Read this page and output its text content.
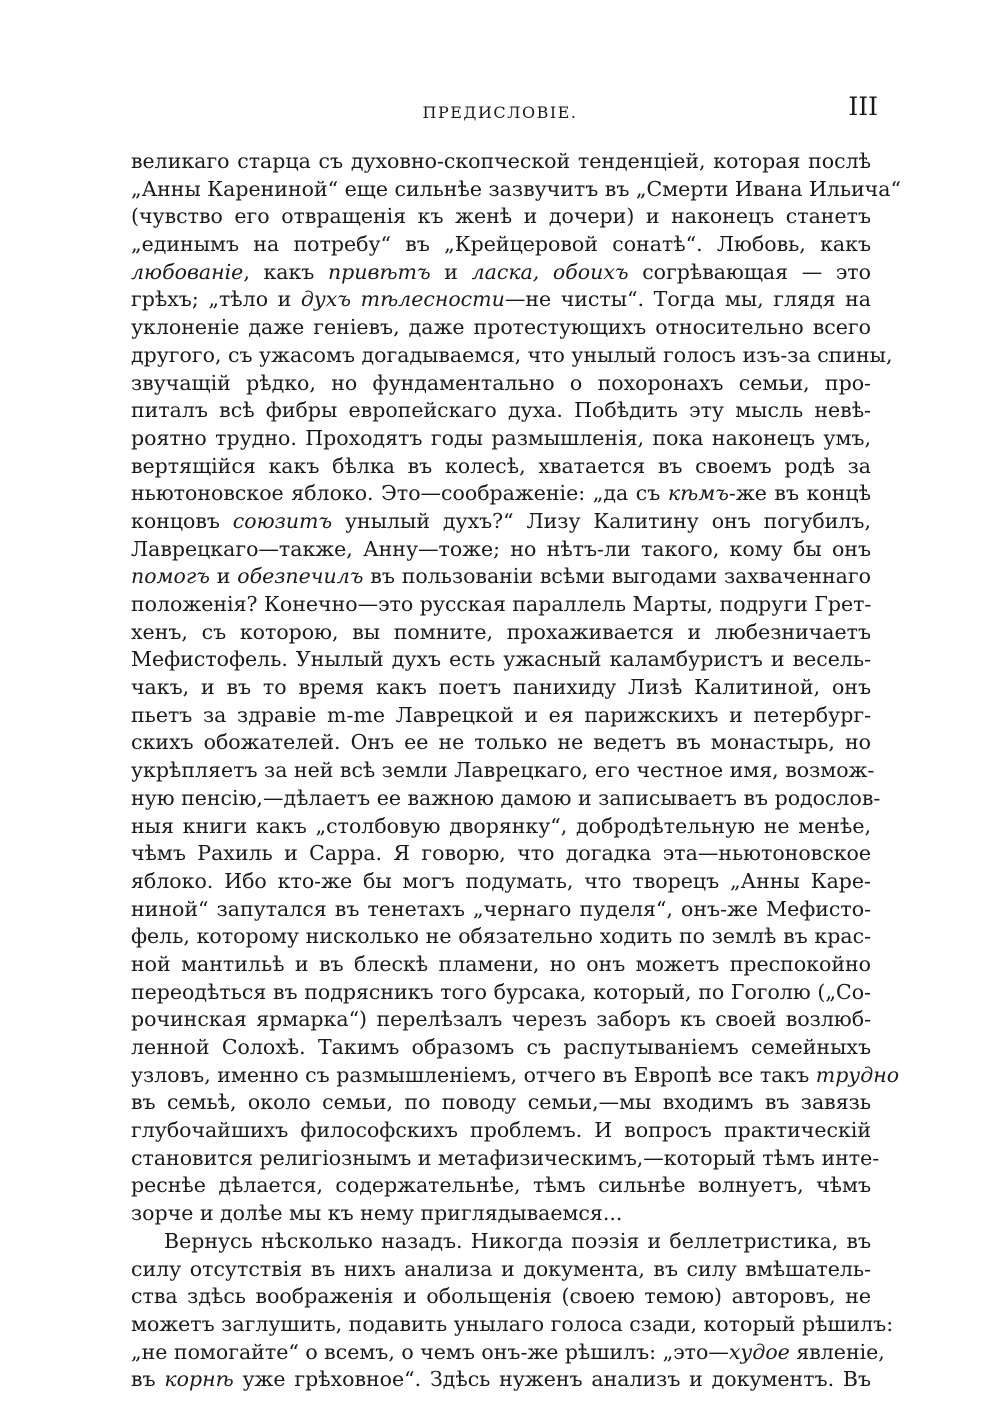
ПРЕДИСЛОВІЕ.	III
великаго старца съ духовно-скопческой тенденціей, которая послѣ
„Анны Карениной“ еще сильнѣе зазвучитъ въ „Смерти Ивана Ильича“
(чувство его отвращенія къ женѣ и дочери) и наконецъ станетъ
„единымъ на потребу“ въ „Крейцеровой сонатѣ“. Любовь, какъ
любованіе, какъ привѣтъ и ласка, обоихъ согрѣвающая — это
грѣхъ; „тѣло и духъ тѣлесности—не чисты“. Тогда мы, глядя на
уклоненіе даже геніевъ, даже протестующихъ относительно всего
другого, съ ужасомъ догадываемся, что унылый голосъ изъ-за спины,
звучащій рѣдко, но фундаментально о похоронахъ семьи, про-
питалъ всѣ фибры европейскаго духа. Побѣдить эту мысль невѣ-
роятно трудно. Проходятъ годы размышленія, пока наконецъ умъ,
вертящійся какъ бѣлка въ колесѣ, хватается въ своемъ родѣ за
ньютоновское яблоко. Это—соображеніе: „да съ кѣмъ-же въ концѣ
концовъ союзитъ унылый духъ?“ Лизу Калитину онъ погубилъ,
Лаврецкаго—также, Анну—тоже; но нѣтъ-ли такого, кому бы онъ
помогъ и обезпечилъ въ пользованіи всѣми выгодами захваченнаго
положенія? Конечно—это русская параллель Марты, подруги Грет-
хенъ, съ которою, вы помните, прохаживается и любезничаетъ
Мефистофель. Унылый духъ есть ужасный каламбуристъ и весель-
чакъ, и въ то время какъ поетъ панихиду Лизѣ Калитиной, онъ
пьетъ за здравіе m-me Лаврецкой и ея парижскихъ и петербург-
скихъ обожателей. Онъ ее не только не ведетъ въ монастырь, но
укрѣпляетъ за ней всѣ земли Лаврецкаго, его честное имя, возмож-
ную пенсію,—дѣлаетъ ее важною дамою и записываетъ въ родослов-
ныя книги какъ „столбовую дворянку“, добродѣтельную не менѣе,
чѣмъ Рахиль и Сарра. Я говорю, что догадка эта—ньютоновское
яблоко. Ибо кто-же бы могъ подумать, что творецъ „Анны Каре-
ниной“ запутался въ тенетахъ „чернаго пуделя“, онъ-же Мефисто-
фель, которому нисколько не обязательно ходить по землѣ въ крас-
ной мантильѣ и въ блескѣ пламени, но онъ можетъ преспокойно
переодѣться въ подрясникъ того бурсака, который, по Гоголю („Со-
рочинская ярмарка“) перелѣзалъ черезъ заборъ къ своей возлюб-
ленной Солохѣ. Такимъ образомъ съ распутываніемъ семейныхъ
узловъ, именно съ размышленіемъ, отчего въ Европѣ все такъ трудно
въ семьѣ, около семьи, по поводу семьи,—мы входимъ въ завязь
глубочайшихъ философскихъ проблемъ. И вопросъ практическій
становится религіознымъ и метафизическимъ,—который тѣмъ инте-
реснѣе дѣлается, содержательнѣе, тѣмъ сильнѣе волнуетъ, чѣмъ
зорче и долѣе мы къ нему приглядываемся...
Вернусь нѣсколько назадъ. Никогда поэзія и беллетристика, въ
силу отсутствія въ нихъ анализа и документа, въ силу вмѣшатель-
ства здѣсь воображенія и обольщенія (своею темою) авторовъ, не
можетъ заглушить, подавить унылаго голоса сзади, который рѣшилъ:
„не помогайте“ о всемъ, о чемъ онъ-же рѣшилъ: „это—худое явленіе,
въ корнѣ уже грѣховное“. Здѣсь нуженъ анализъ и документъ. Въ
